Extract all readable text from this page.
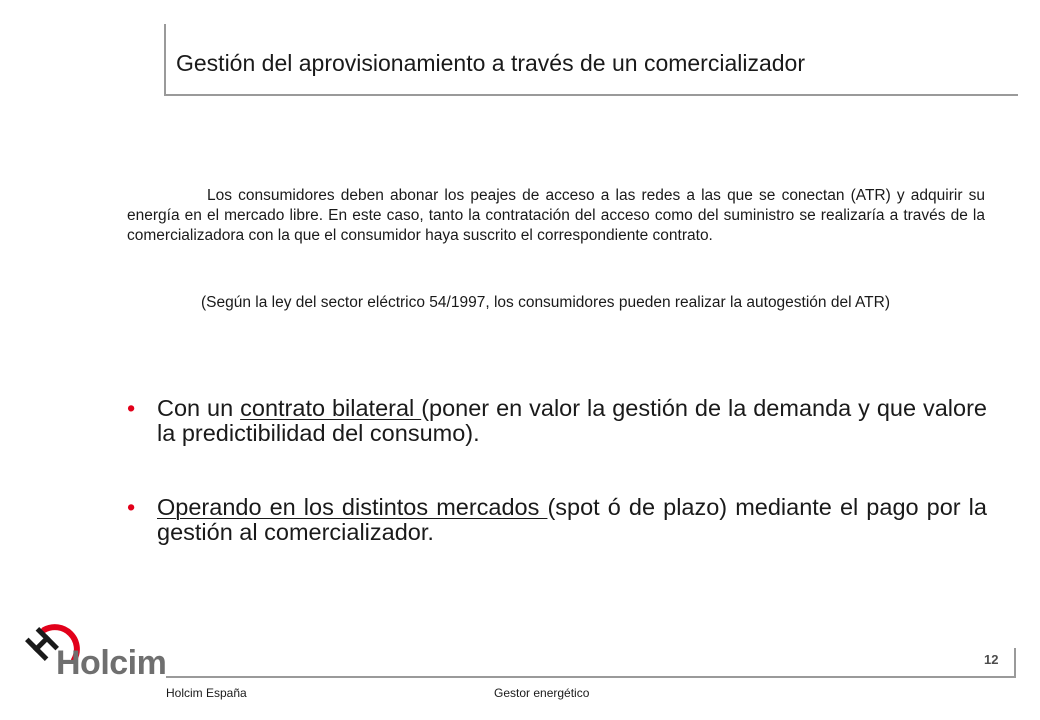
Gestión del aprovisionamiento a través de un comercializador

Los consumidores deben abonar los peajes de acceso a las redes a las que se conectan (ATR) y adquirir su energía en el mercado libre. En este caso, tanto la contratación del acceso como del suministro se realizaría a través de la comercializadora con la que el consumidor haya suscrito el correspondiente contrato.

(Según la ley del sector eléctrico 54/1997, los consumidores pueden realizar la autogestión del ATR)

• Con un contrato bilateral (poner en valor la gestión de la demanda y que valore la predictibilidad del consumo).
• Operando en los distintos mercados (spot ó de plazo) mediante el pago por la gestión al comercializador.
Holcim	12
Holcim España	Gestor energético
